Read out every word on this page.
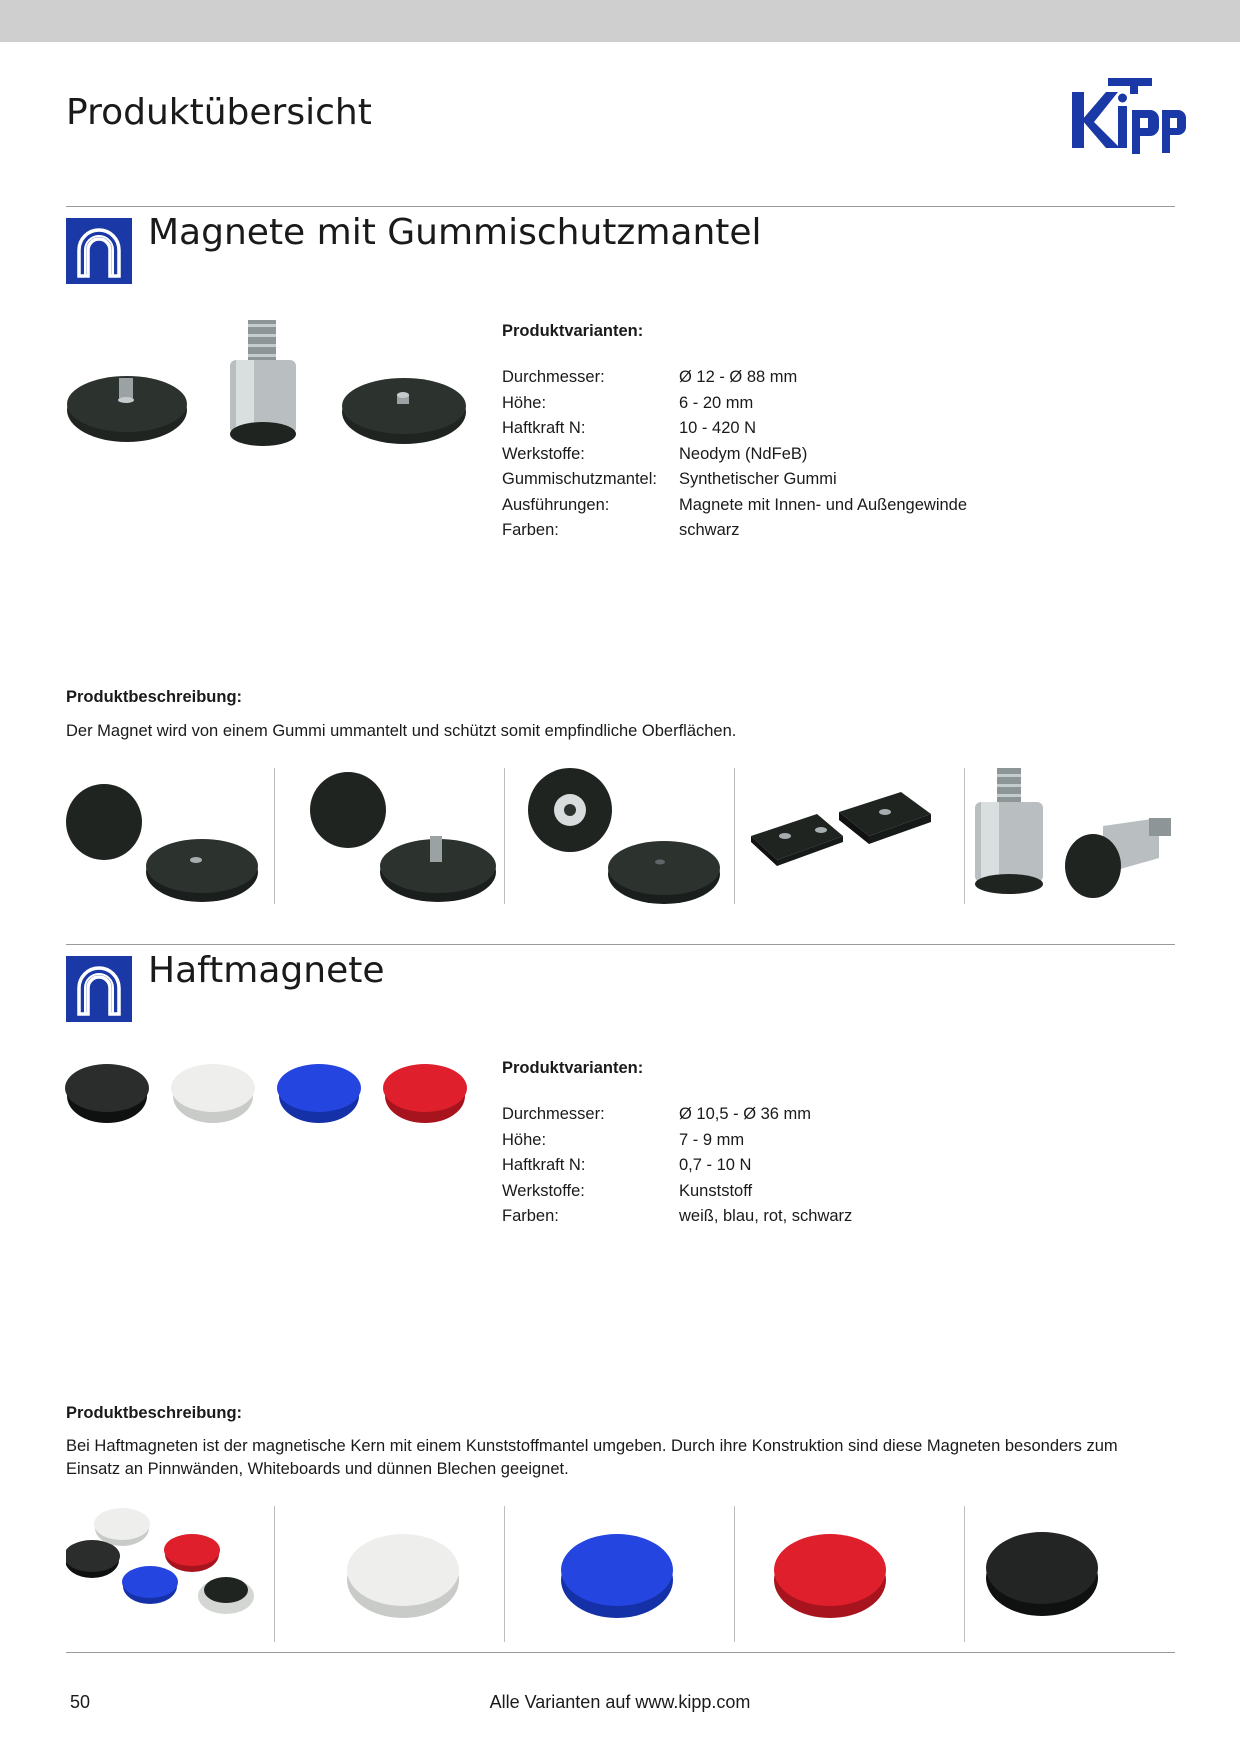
Produktübersicht
Magnete mit Gummischutzmantel
Produktvarianten:
Durchmesser:	Ø 12 - Ø 88 mm
Höhe:	6 - 20 mm
Haftkraft N:	10 - 420 N
Werkstoffe:	Neodym (NdFeB)
Gummischutzmantel:	Synthetischer Gummi
Ausführungen:	Magnete mit Innen- und Außengewinde
Farben:	schwarz
Produktbeschreibung:
Der Magnet wird von einem Gummi ummantelt und schützt somit empfindliche Oberflächen.
Haftmagnete
Produktvarianten:
Durchmesser:	Ø 10,5 - Ø 36 mm
Höhe:	7 - 9 mm
Haftkraft N:	0,7 - 10 N
Werkstoffe:	Kunststoff
Farben:	weiß, blau, rot, schwarz
Produktbeschreibung:
Bei Haftmagneten ist der magnetische Kern mit einem Kunststoffmantel umgeben. Durch ihre Konstruktion sind diese Magneten besonders zum Einsatz an Pinnwänden, Whiteboards und dünnen Blechen geeignet.
50	Alle Varianten auf www.kipp.com
